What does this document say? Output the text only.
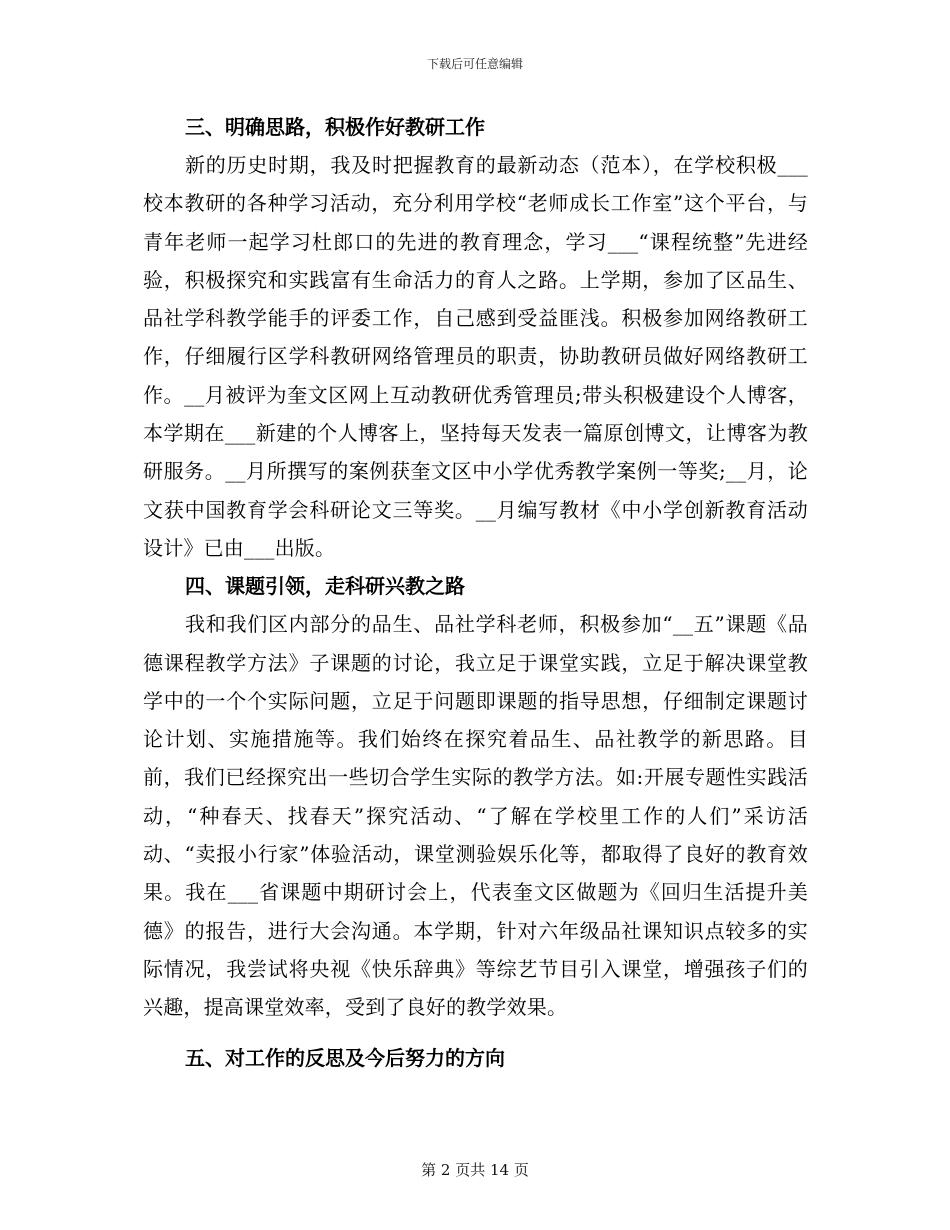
下载后可任意编辑

三、明确思路，积极作好教研工作

新的历史时期，我及时把握教育的最新动态（范本），在学校积极___校本教研的各种学习活动，充分利用学校“老师成长工作室”这个平台，与青年老师一起学习杜郎口的先进的教育理念，学习___“课程统整”先进经验，积极探究和实践富有生命活力的育人之路。上学期，参加了区品生、品社学科教学能手的评委工作，自己感到受益匪浅。积极参加网络教研工作，仔细履行区学科教研网络管理员的职责，协助教研员做好网络教研工作。__月被评为奎文区网上互动教研优秀管理员;带头积极建设个人博客，本学期在___新建的个人博客上，坚持每天发表一篇原创博文，让博客为教研服务。__月所撰写的案例获奎文区中小学优秀教学案例一等奖;__月，论文获中国教育学会科研论文三等奖。__月编写教材《中小学创新教育活动设计》已由___出版。

四、课题引领，走科研兴教之路

我和我们区内部分的品生、品社学科老师，积极参加“__五”课题《品德课程教学方法》子课题的讨论，我立足于课堂实践，立足于解决课堂教学中的一个个实际问题，立足于问题即课题的指导思想，仔细制定课题讨论计划、实施措施等。我们始终在探究着品生、品社教学的新思路。目前，我们已经探究出一些切合学生实际的教学方法。如:开展专题性实践活动，“种春天、找春天”探究活动、“了解在学校里工作的人们”采访活动、“卖报小行家”体验活动，课堂测验娱乐化等，都取得了良好的教育效果。我在___省课题中期研讨会上，代表奎文区做题为《回归生活提升美德》的报告，进行大会沟通。本学期，针对六年级品社课知识点较多的实际情况，我尝试将央视《快乐辞典》等综艺节目引入课堂，增强孩子们的兴趣，提高课堂效率，受到了良好的教学效果。

五、对工作的反思及今后努力的方向

第 2 页共 14 页
